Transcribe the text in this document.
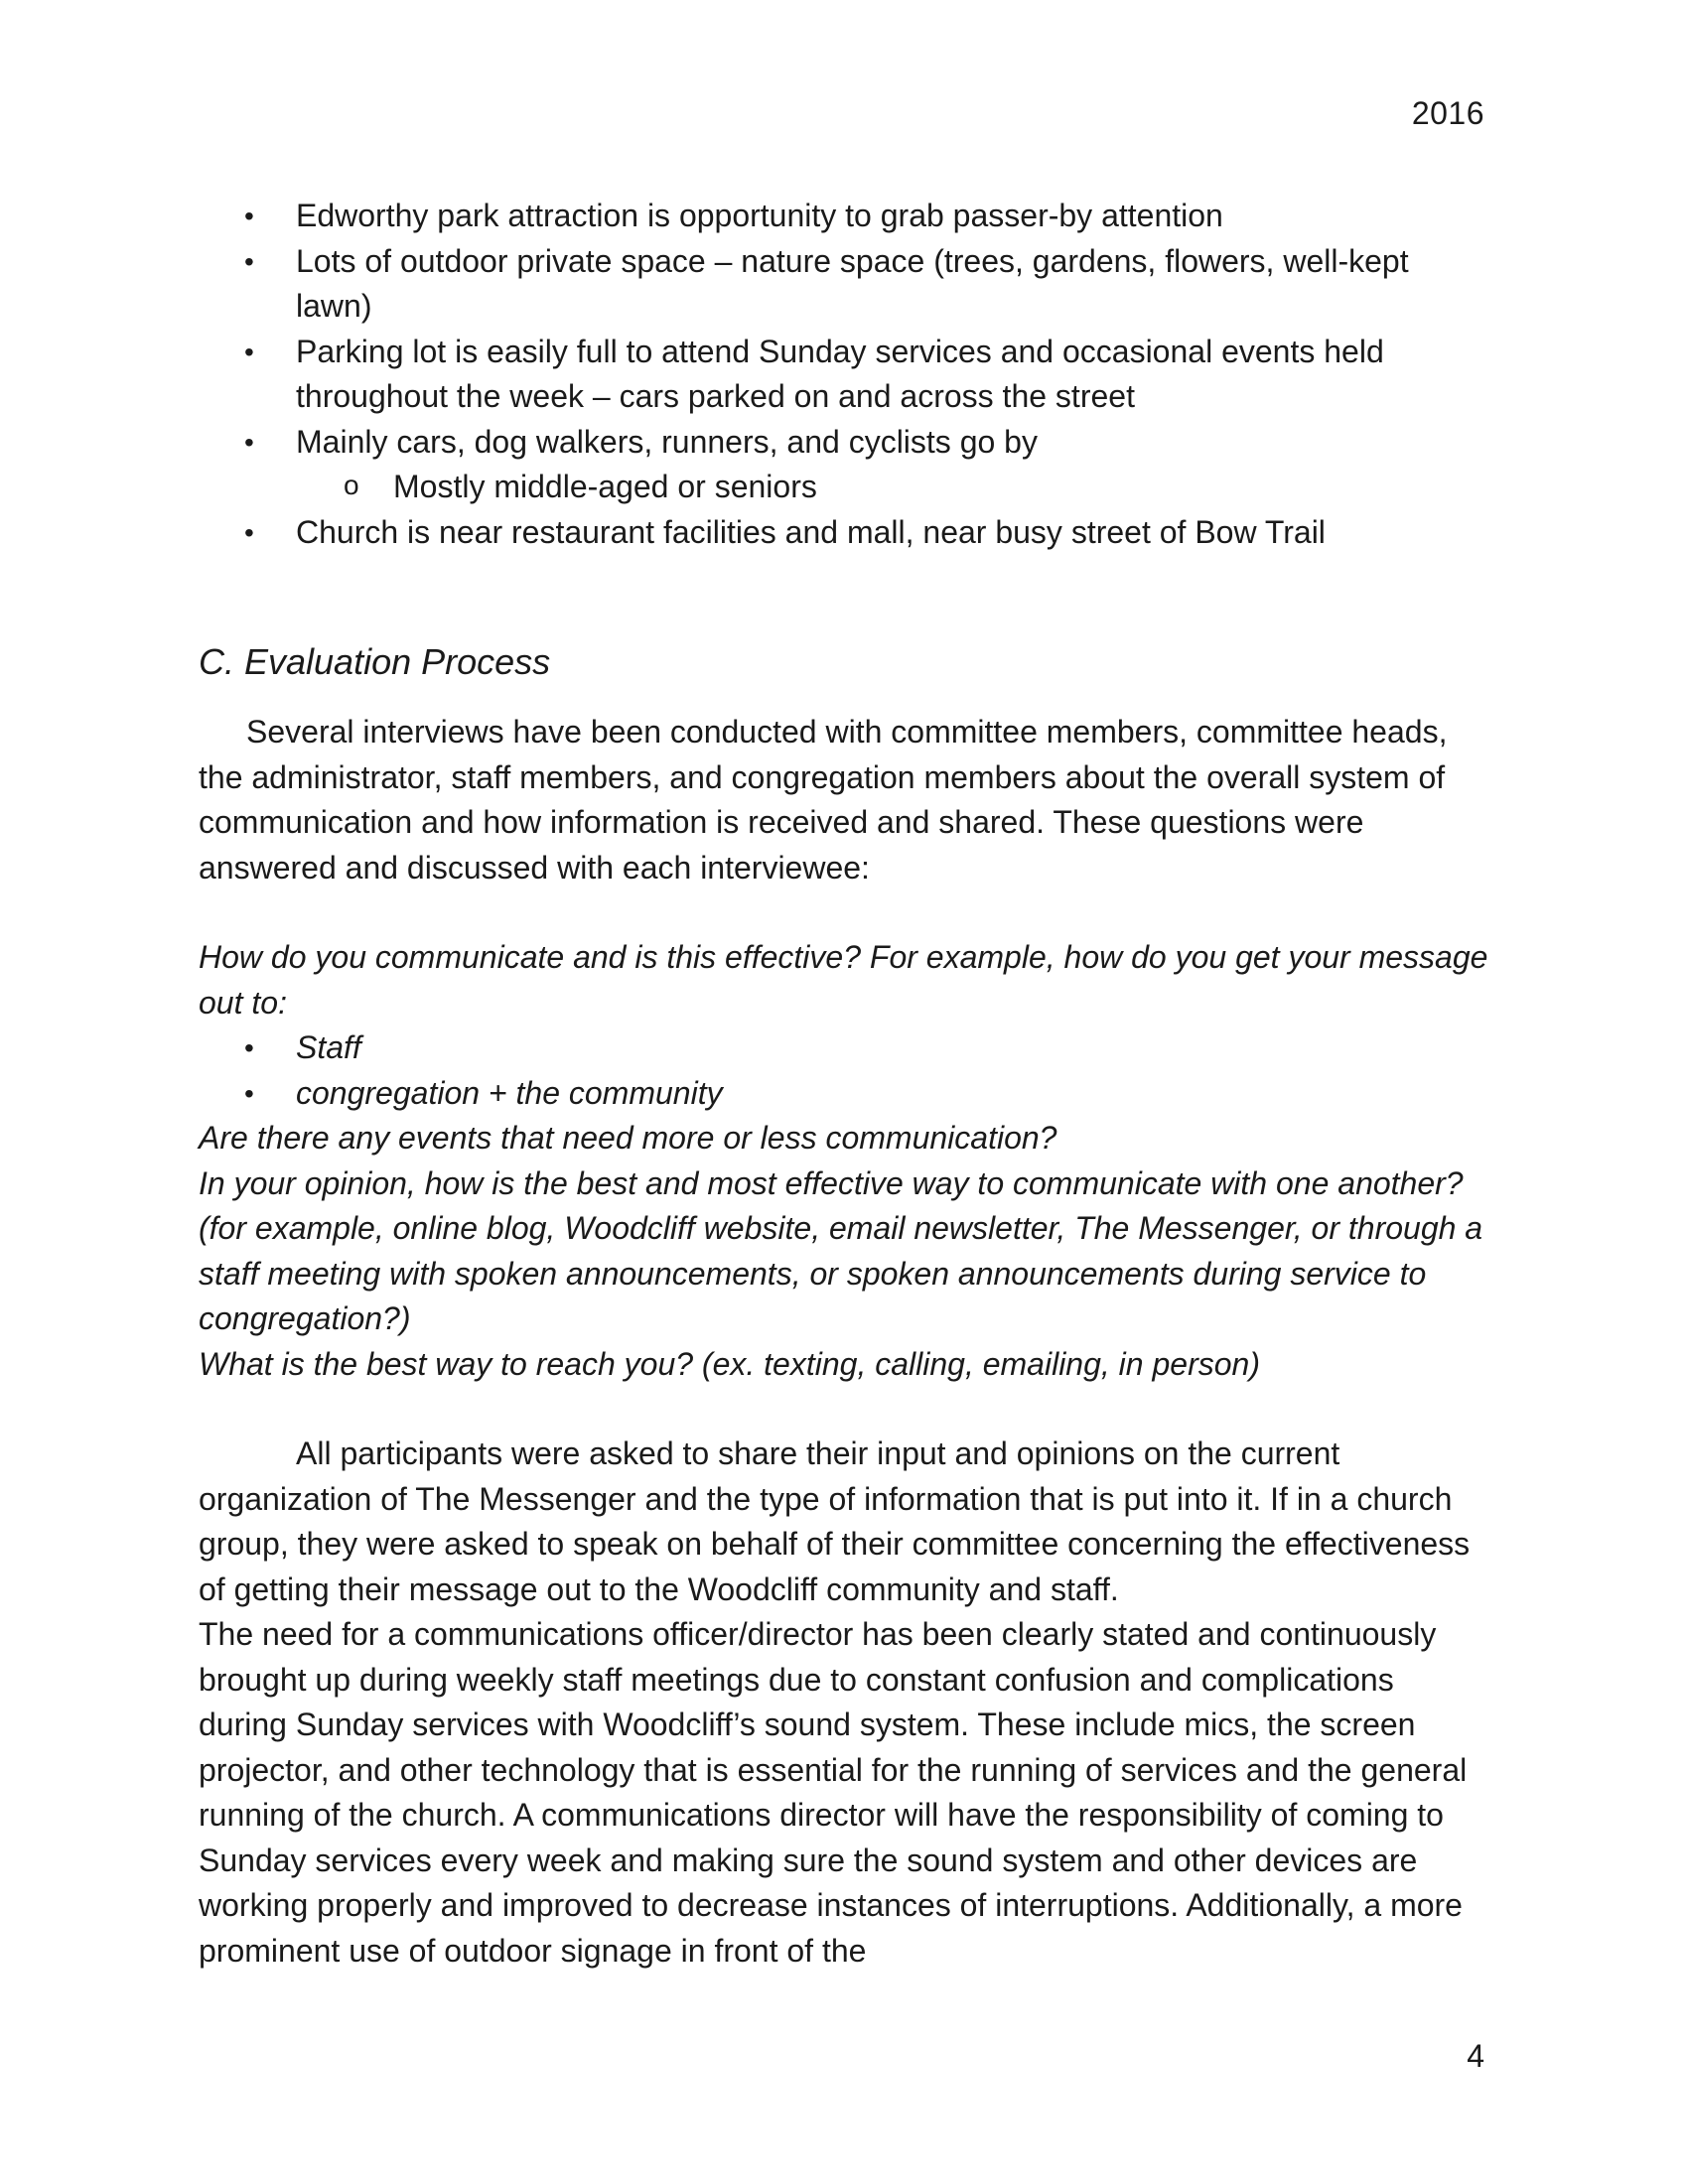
2016
• Edworthy park attraction is opportunity to grab passer-by attention
• Lots of outdoor private space – nature space (trees, gardens, flowers, well-kept lawn)
• Parking lot is easily full to attend Sunday services and occasional events held throughout the week – cars parked on and across the street
• Mainly cars, dog walkers, runners, and cyclists go by
o Mostly middle-aged or seniors
• Church is near restaurant facilities and mall, near busy street of Bow Trail
C. Evaluation Process

Several interviews have been conducted with committee members, committee heads, the administrator, staff members, and congregation members about the overall system of communication and how information is received and shared. These questions were answered and discussed with each interviewee:

How do you communicate and is this effective? For example, how do you get your message out to:

• Staff
• congregation + the community

Are there any events that need more or less communication?

In your opinion, how is the best and most effective way to communicate with one another? (for example, online blog, Woodcliff website, email newsletter, The Messenger, or through a staff meeting with spoken announcements, or spoken announcements during service to congregation?)

What is the best way to reach you? (ex. texting, calling, emailing, in person)

All participants were asked to share their input and opinions on the current organization of The Messenger and the type of information that is put into it. If in a church group, they were asked to speak on behalf of their committee concerning the effectiveness of getting their message out to the Woodcliff community and staff.

The need for a communications officer/director has been clearly stated and continuously brought up during weekly staff meetings due to constant confusion and complications during Sunday services with Woodcliff’s sound system. These include mics, the screen projector, and other technology that is essential for the running of services and the general running of the church. A communications director will have the responsibility of coming to Sunday services every week and making sure the sound system and other devices are working properly and improved to decrease instances of interruptions. Additionally, a more prominent use of outdoor signage in front of the

4
